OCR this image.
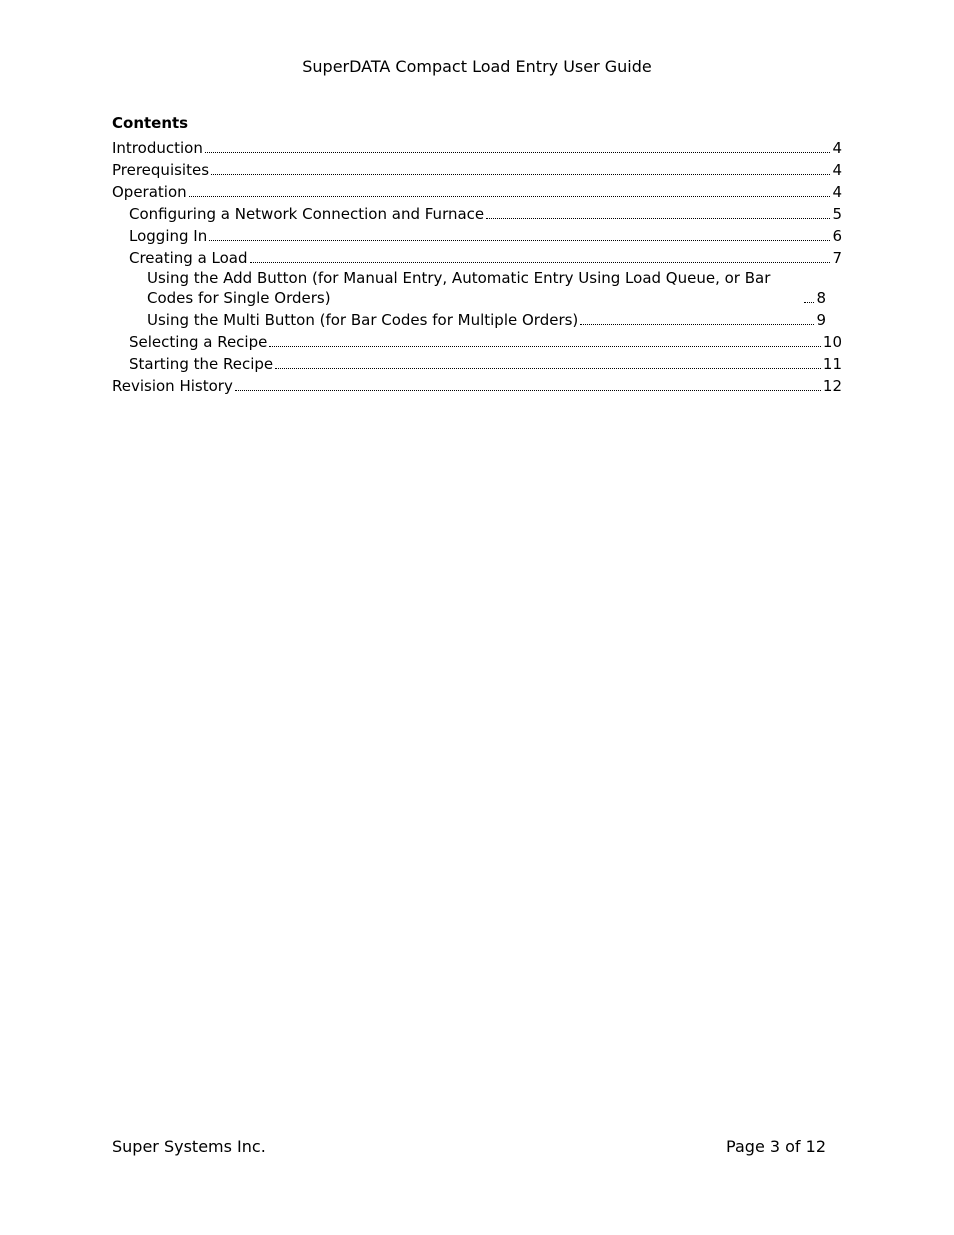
SuperDATA Compact Load Entry User Guide
Contents
Introduction	4
Prerequisites	4
Operation	4
Configuring a Network Connection and Furnace	5
Logging In	6
Creating a Load	7
Using the Add Button (for Manual Entry, Automatic Entry Using Load Queue, or Bar Codes for Single Orders)	8
Using the Multi Button (for Bar Codes for Multiple Orders)	9
Selecting a Recipe	10
Starting the Recipe	11
Revision History	12
Super Systems Inc.	Page 3 of 12
